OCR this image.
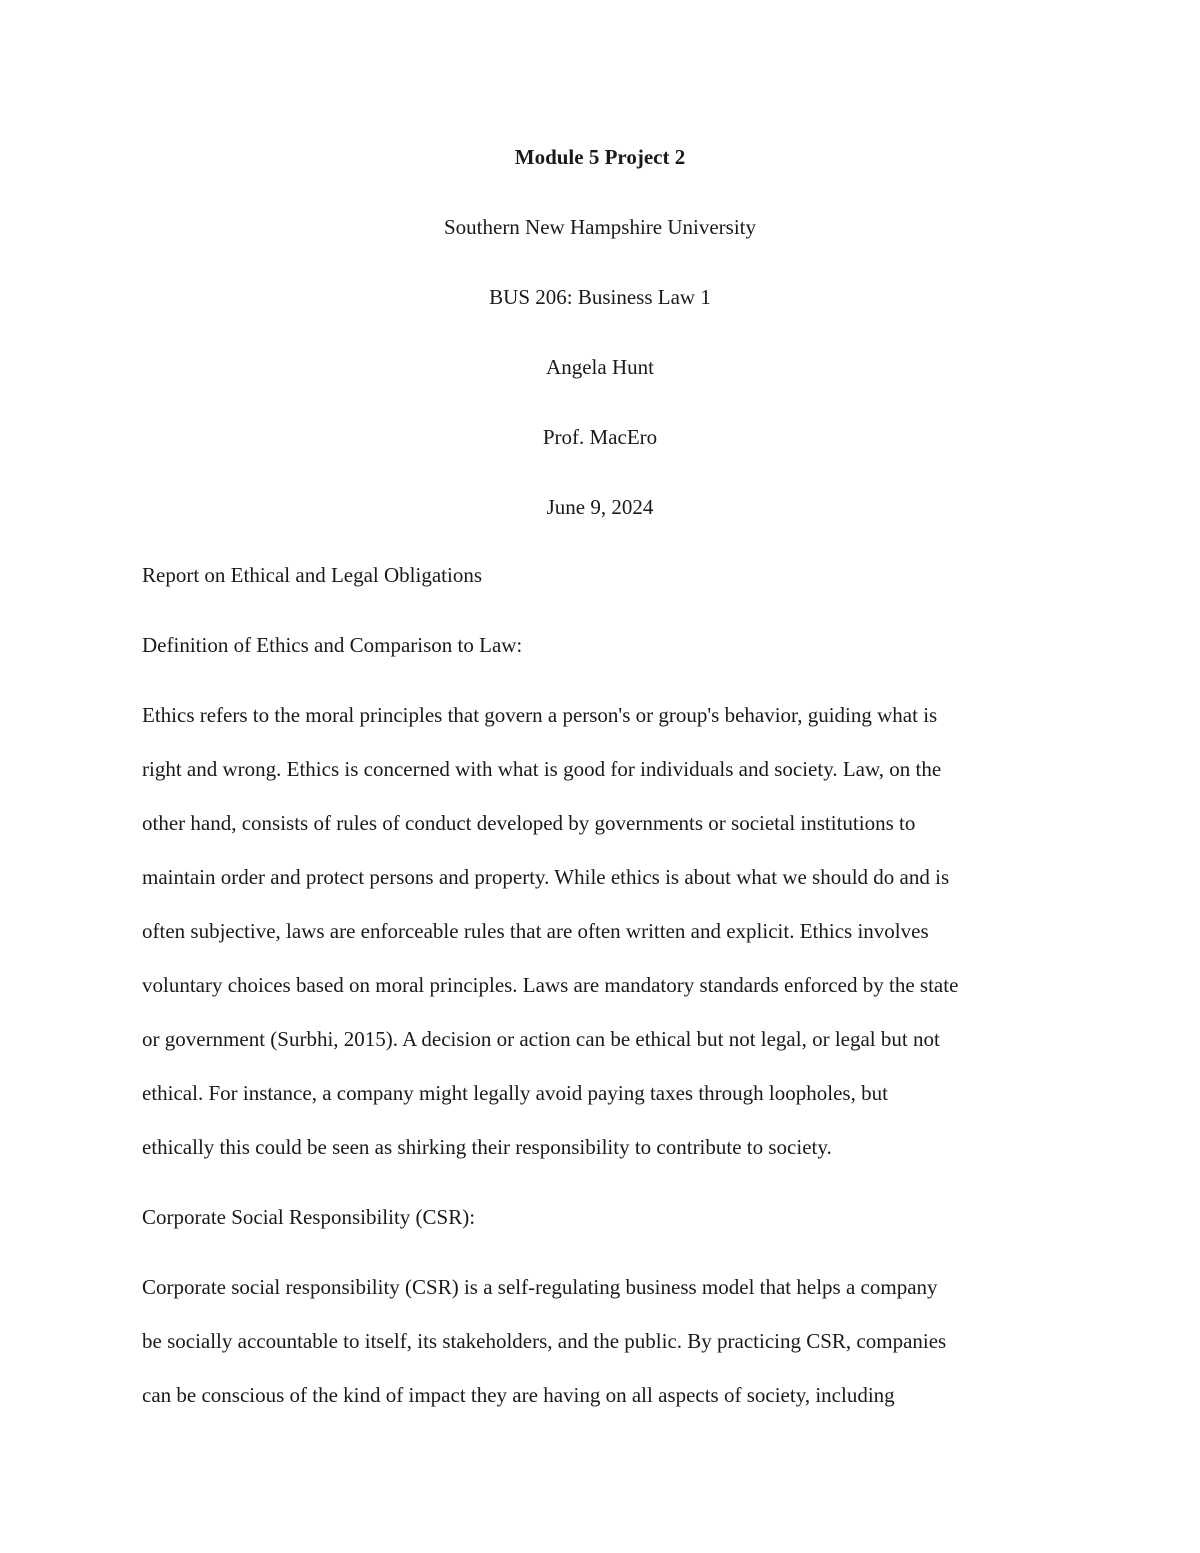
Module 5 Project 2

Southern New Hampshire University

BUS 206: Business Law 1

Angela Hunt

Prof. MacEro

June 9, 2024

Report on Ethical and Legal Obligations

Definition of Ethics and Comparison to Law:

Ethics refers to the moral principles that govern a person's or group's behavior, guiding what is

right and wrong. Ethics is concerned with what is good for individuals and society. Law, on the

other hand, consists of rules of conduct developed by governments or societal institutions to

maintain order and protect persons and property. While ethics is about what we should do and is

often subjective, laws are enforceable rules that are often written and explicit. Ethics involves

voluntary choices based on moral principles. Laws are mandatory standards enforced by the state

or government (Surbhi, 2015). A decision or action can be ethical but not legal, or legal but not

ethical. For instance, a company might legally avoid paying taxes through loopholes, but

ethically this could be seen as shirking their responsibility to contribute to society.

Corporate Social Responsibility (CSR):

Corporate social responsibility (CSR) is a self-regulating business model that helps a company

be socially accountable to itself, its stakeholders, and the public. By practicing CSR, companies

can be conscious of the kind of impact they are having on all aspects of society, including
